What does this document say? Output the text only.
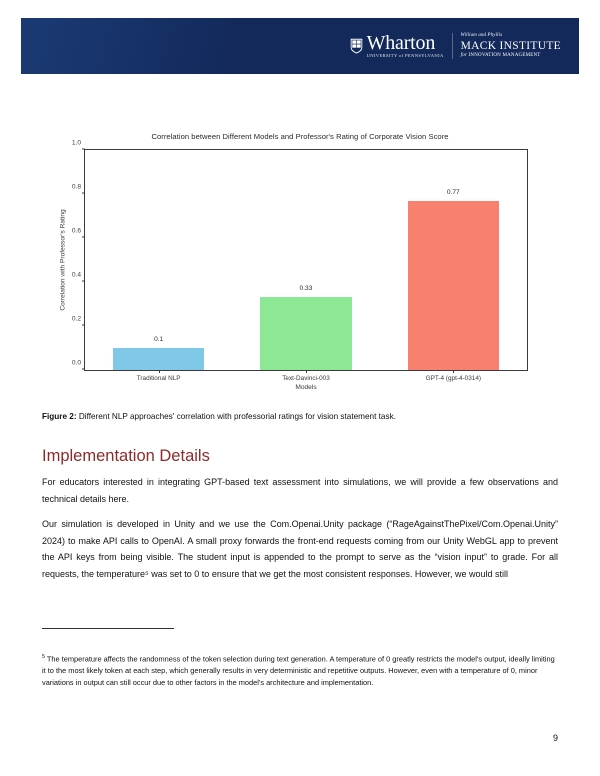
Wharton
UNIVERSITY of PENNSYLVANIA
William and Phyllis
MACK INSTITUTE
for INNOVATION MANAGEMENT
Correlation between Different Models and Professor's Rating of Corporate Vision Score
Correlation with Professor's Rating
0.1
0.33
0.77
0.0
0.2
0.4
0.6
0.8
1.0
Traditional NLP	Text-Davinci-003	GPT-4 (gpt-4-0314)
Models
Figure 2: Different NLP approaches' correlation with professorial ratings for vision statement task.
Implementation Details
For educators interested in integrating GPT-based text assessment into simulations, we will provide a few observations and technical details here.
Our simulation is developed in Unity and we use the Com.Openai.Unity package (“RageAgainstThePixel/Com.Openai.Unity” 2024) to make API calls to OpenAI. A small proxy forwards the front-end requests coming from our Unity WebGL app to prevent the API keys from being visible. The student input is appended to the prompt to serve as the “vision input” to grade. For all requests, the temperature⁵ was set to 0 to ensure that we get the most consistent responses. However, we would still
$^5$ The temperature affects the randomness of the token selection during text generation. A temperature of 0 greatly restricts the model's output, ideally limiting it to the most likely token at each step, which generally results in very deterministic and repetitive outputs. However, even with a temperature of 0, minor variations in output can still occur due to other factors in the model's architecture and implementation.
9
